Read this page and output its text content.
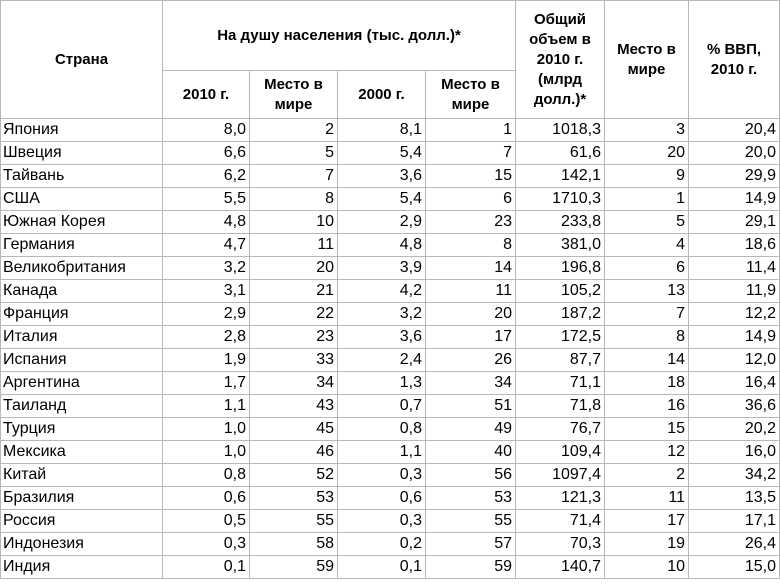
Страна	На душу населения (тыс. долл.)*				Общий объем в 2010 г. (млрд долл.)*	Место в мире	% ВВП, 2010 г.
	2010 г.	Место в мире	2000 г.	Место в мире			
Япония	8,0	2	8,1	1	1018,3	3	20,4
Швеция	6,6	5	5,4	7	61,6	20	20,0
Тайвань	6,2	7	3,6	15	142,1	9	29,9
США	5,5	8	5,4	6	1710,3	1	14,9
Южная Корея	4,8	10	2,9	23	233,8	5	29,1
Германия	4,7	11	4,8	8	381,0	4	18,6
Великобритания	3,2	20	3,9	14	196,8	6	11,4
Канада	3,1	21	4,2	11	105,2	13	11,9
Франция	2,9	22	3,2	20	187,2	7	12,2
Италия	2,8	23	3,6	17	172,5	8	14,9
Испания	1,9	33	2,4	26	87,7	14	12,0
Аргентина	1,7	34	1,3	34	71,1	18	16,4
Таиланд	1,1	43	0,7	51	71,8	16	36,6
Турция	1,0	45	0,8	49	76,7	15	20,2
Мексика	1,0	46	1,1	40	109,4	12	16,0
Китай	0,8	52	0,3	56	1097,4	2	34,2
Бразилия	0,6	53	0,6	53	121,3	11	13,5
Россия	0,5	55	0,3	55	71,4	17	17,1
Индонезия	0,3	58	0,2	57	70,3	19	26,4
Индия	0,1	59	0,1	59	140,7	10	15,0
